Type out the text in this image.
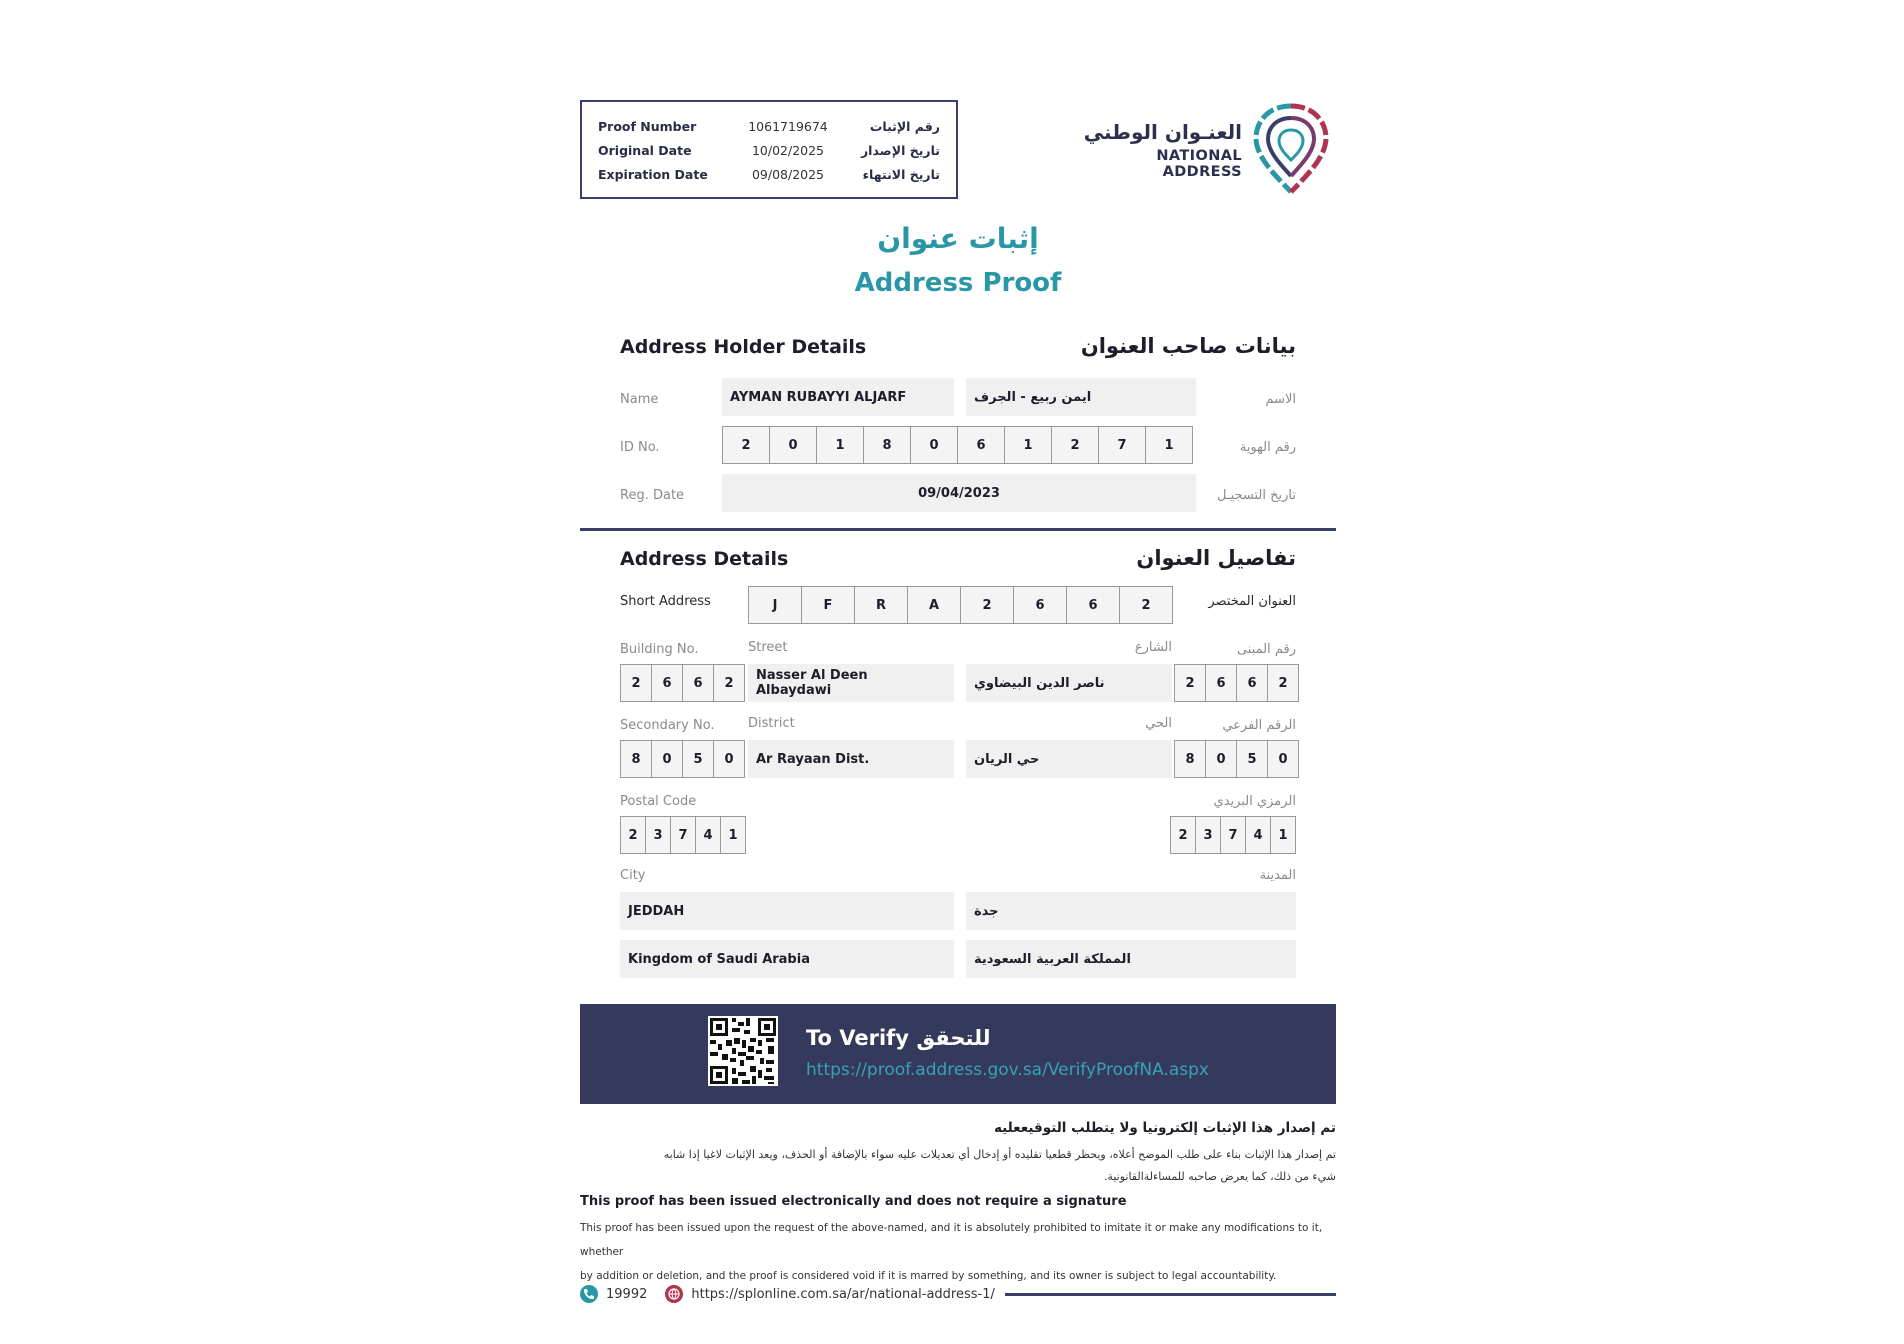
Proof Number	1061719674	رقم الإثبات
Original Date	10/02/2025	تاريخ الإصدار
Expiration Date	09/08/2025	تاريخ الانتهاء
العنـوان الوطني
NATIONAL ADDRESS
إثبات عنوان
Address Proof
Address Holder Details	بيانات صاحب العنوان
Name	الاسم
AYMAN RUBAYYI ALJARF	ايمن ربيع - الجرف
ID No.	رقم الهوية
2	0	1	8	0	6	1	2	7	1
Reg. Date	تاريخ التسجيـل
09/04/2023
Address Details	تفاصيل العنوان
Short Address	العنوان المختصر
J	F	R	A	2	6	6	2
Building No.	Street	الشارع	رقم المبنى
2	6	6	2	Nasser Al Deen Albaydawi	ناصر الدين البيضاوي	2	6	6	2
Secondary No.	District	الحي	الرقم الفرعي
8	0	5	0	Ar Rayaan Dist.	حي الريان	8	0	5	0
Postal Code	الرمزي البريدي
2	3	7	4	1	2	3	7	4	1
City	المدينة
JEDDAH	جدة
Kingdom of Saudi Arabia	المملكة العربية السعودية
To Verify للتحقق
https://proof.address.gov.sa/VerifyProofNA.aspx
تم إصدار هذا الإثبات إلكترونيا ولا يتطلب التوقيععليه
تم إصدار هذا الإثبات بناء على طلب الموضح أعلاه، ويحظر قطعيا تقليده أو إدخال أي تعديلات عليه سواء بالإضافة أو الحذف، ويعد الإثبات لاغيا إذا شابه
شيء من ذلك، كما يعرض صاحبه للمساءلةالقانونية.
This proof has been issued electronically and does not require a signature
This proof has been issued upon the request of the above-named, and it is absolutely prohibited to imitate it or make any modifications to it, whether
by addition or deletion, and the proof is considered void if it is marred by something, and its owner is subject to legal accountability.
19992	https://splonline.com.sa/ar/national-address-1/
